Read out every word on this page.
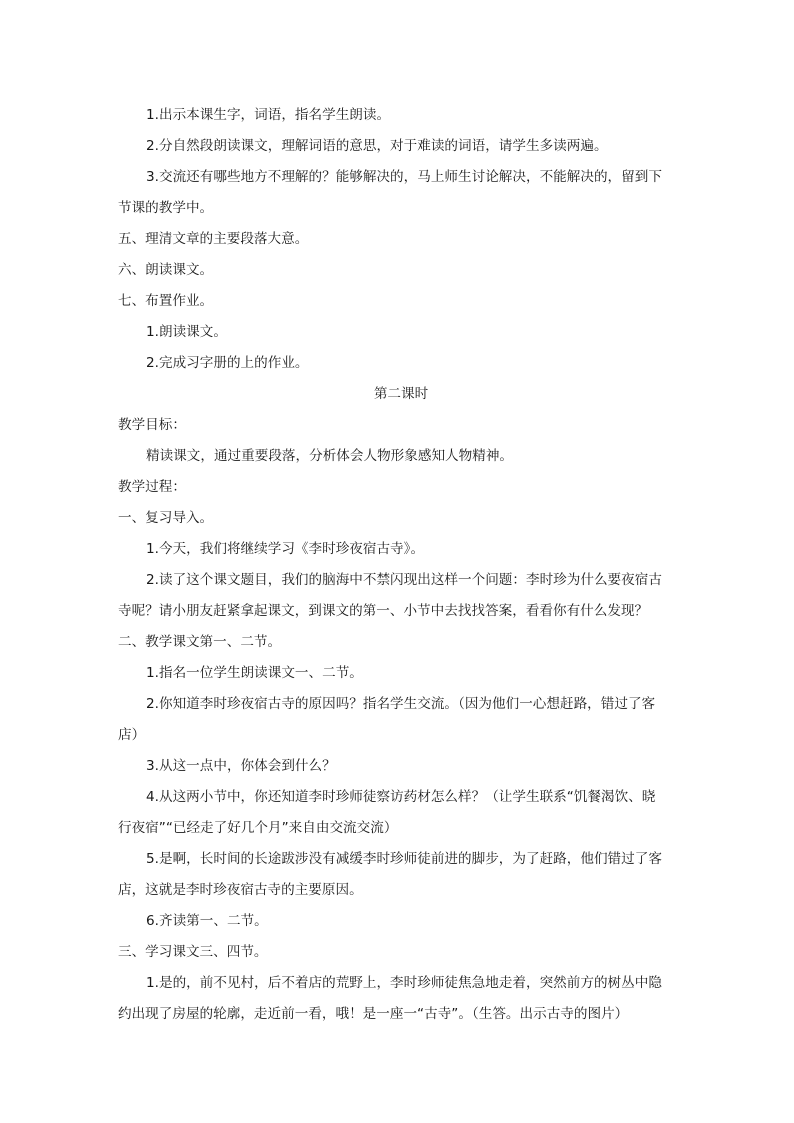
1.出示本课生字，词语，指名学生朗读。
2.分自然段朗读课文，理解词语的意思，对于难读的词语，请学生多读两遍。
3.交流还有哪些地方不理解的？能够解决的，马上师生讨论解决，不能解决的，留到下
节课的教学中。
五、理清文章的主要段落大意。
六、朗读课文。
七、布置作业。
1.朗读课文。
2.完成习字册的上的作业。
第二课时
教学目标：
精读课文，通过重要段落，分析体会人物形象感知人物精神。
教学过程：
一、复习导入。
1.今天，我们将继续学习《李时珍夜宿古寺》。
2.读了这个课文题目，我们的脑海中不禁闪现出这样一个问题：李时珍为什么要夜宿古
寺呢？请小朋友赶紧拿起课文，到课文的第一、小节中去找找答案，看看你有什么发现？
二、教学课文第一、二节。
1.指名一位学生朗读课文一、二节。
2.你知道李时珍夜宿古寺的原因吗？指名学生交流。（因为他们一心想赶路，错过了客
店）
3.从这一点中，你体会到什么？
4.从这两小节中，你还知道李时珍师徒察访药材怎么样？（让学生联系“饥餐渴饮、晓
行夜宿”“已经走了好几个月”来自由交流交流）
5.是啊，长时间的长途跋涉没有减缓李时珍师徒前进的脚步，为了赶路，他们错过了客
店，这就是李时珍夜宿古寺的主要原因。
6.齐读第一、二节。
三、学习课文三、四节。
1.是的，前不见村，后不着店的荒野上，李时珍师徒焦急地走着，突然前方的树丛中隐
约出现了房屋的轮廓，走近前一看，哦！是一座一“古寺”。（生答。出示古寺的图片）
